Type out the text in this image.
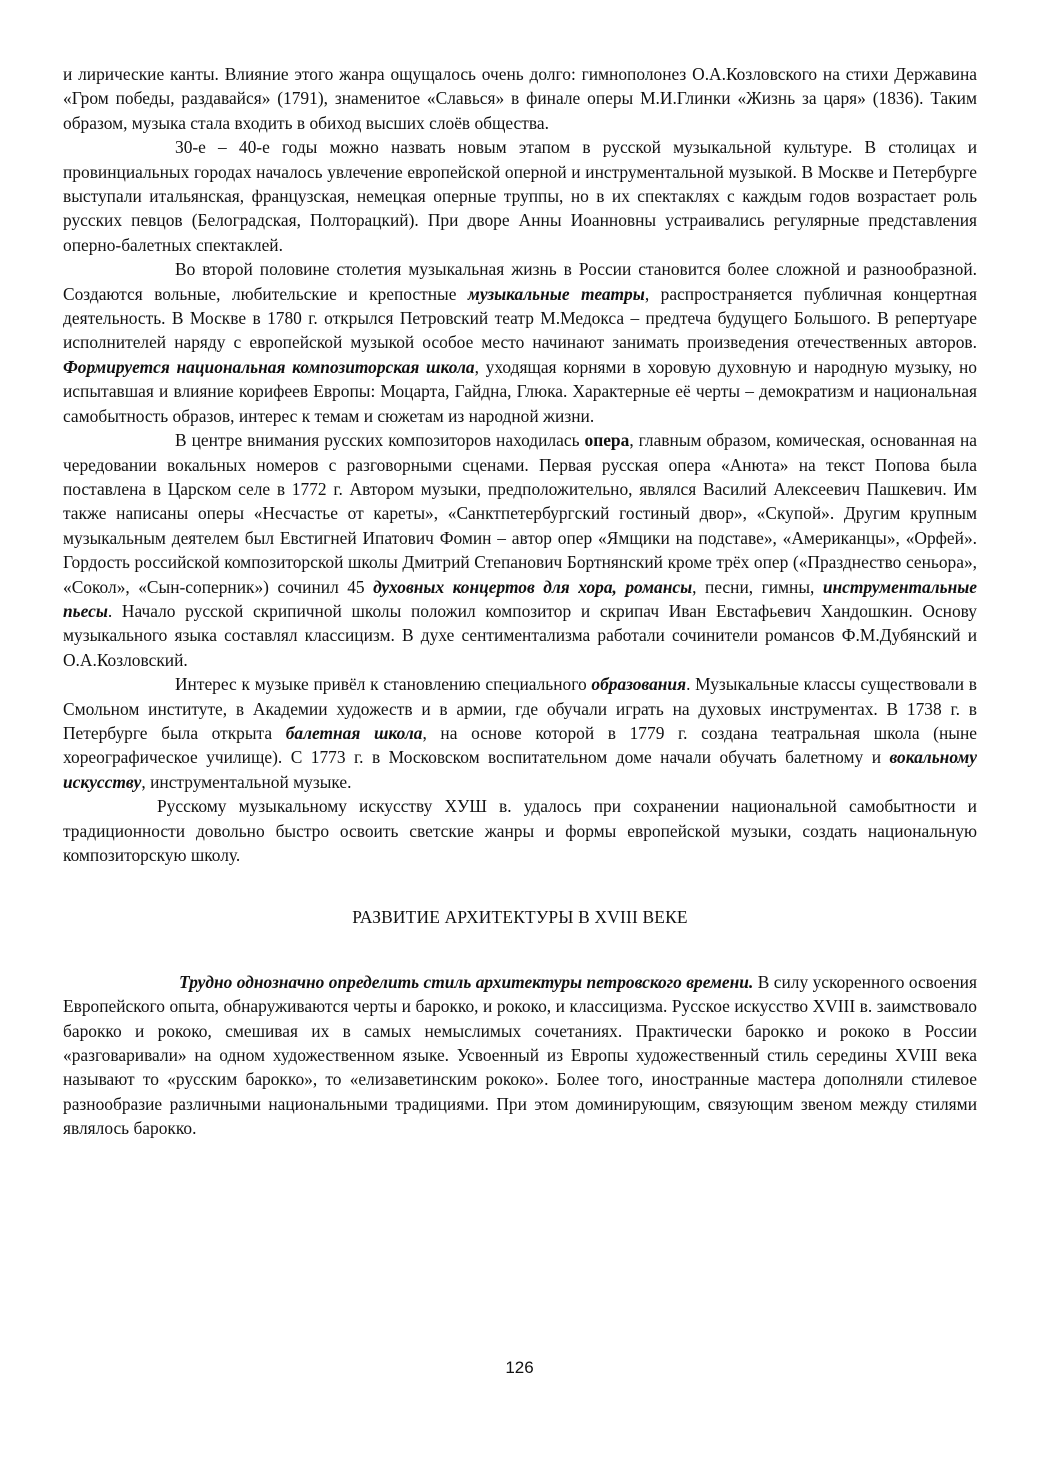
и лирические канты. Влияние этого жанра ощущалось очень долго: гимнополонез О.А.Козловского на стихи Державина «Гром победы, раздавайся» (1791), знаменитое «Славься» в финале оперы М.И.Глинки «Жизнь за царя» (1836). Таким образом, музыка стала входить в обиход высших слоёв общества.

30-е – 40-е годы можно назвать новым этапом в русской музыкальной культуре. В столицах и провинциальных городах началось увлечение европейской оперной и инструментальной музыкой. В Москве и Петербурге выступали итальянская, французская, немецкая оперные труппы, но в их спектаклях с каждым годов возрастает роль русских певцов (Белоградская, Полторацкий). При дворе Анны Иоанновны устраивались регулярные представления оперно-балетных спектаклей.

Во второй половине столетия музыкальная жизнь в России становится более сложной и разнообразной. Создаются вольные, любительские и крепостные музыкальные театры, распространяется публичная концертная деятельность. В Москве в 1780 г. открылся Петровский театр М.Медокса – предтеча будущего Большого. В репертуаре исполнителей наряду с европейской музыкой особое место начинают занимать произведения отечественных авторов. Формируется национальная композиторская школа, уходящая корнями в хоровую духовную и народную музыку, но испытавшая и влияние корифеев Европы: Моцарта, Гайдна, Глюка. Характерные её черты – демократизм и национальная самобытность образов, интерес к темам и сюжетам из народной жизни.

В центре внимания русских композиторов находилась опера, главным образом, комическая, основанная на чередовании вокальных номеров с разговорными сценами. Первая русская опера «Анюта» на текст Попова была поставлена в Царском селе в 1772 г. Автором музыки, предположительно, являлся Василий Алексеевич Пашкевич. Им также написаны оперы «Несчастье от кареты», «Санктпетербургский гостиный двор», «Скупой». Другим крупным музыкальным деятелем был Евстигней Ипатович Фомин – автор опер «Ямщики на подставе», «Американцы», «Орфей». Гордость российской композиторской школы Дмитрий Степанович Бортнянский кроме трёх опер («Празднество сеньора», «Сокол», «Сын-соперник») сочинил 45 духовных концертов для хора, романсы, песни, гимны, инструментальные пьесы. Начало русской скрипичной школы положил композитор и скрипач Иван Евстафьевич Хандошкин. Основу музыкального языка составлял классицизм. В духе сентиментализма работали сочинители романсов Ф.М.Дубянский и О.А.Козловский.

Интерес к музыке привёл к становлению специального образования. Музыкальные классы существовали в Смольном институте, в Академии художеств и в армии, где обучали играть на духовых инструментах. В 1738 г. в Петербурге была открыта балетная школа, на основе которой в 1779 г. создана театральная школа (ныне хореографическое училище). С 1773 г. в Московском воспитательном доме начали обучать балетному и вокальному искусству, инструментальной музыке.

Русскому музыкальному искусству ХУШ в. удалось при сохранении национальной самобытности и традиционности довольно быстро освоить светские жанры и формы европейской музыки, создать национальную композиторскую школу.

РАЗВИТИЕ АРХИТЕКТУРЫ В XVIII ВЕКЕ

Трудно однозначно определить стиль архитектуры петровского времени. В силу ускоренного освоения Европейского опыта, обнаруживаются черты и барокко, и рококо, и классицизма. Русское искусство XVIII в. заимствовало барокко и рококо, смешивая их в самых немыслимых сочетаниях. Практически барокко и рококо в России «разговаривали» на одном художественном языке. Усвоенный из Европы художественный стиль середины XVIII века называют то «русским барокко», то «елизаветинским рококо». Более того, иностранные мастера дополняли стилевое разнообразие различными национальными традициями. При этом доминирующим, связующим звеном между стилями являлось барокко.

126
